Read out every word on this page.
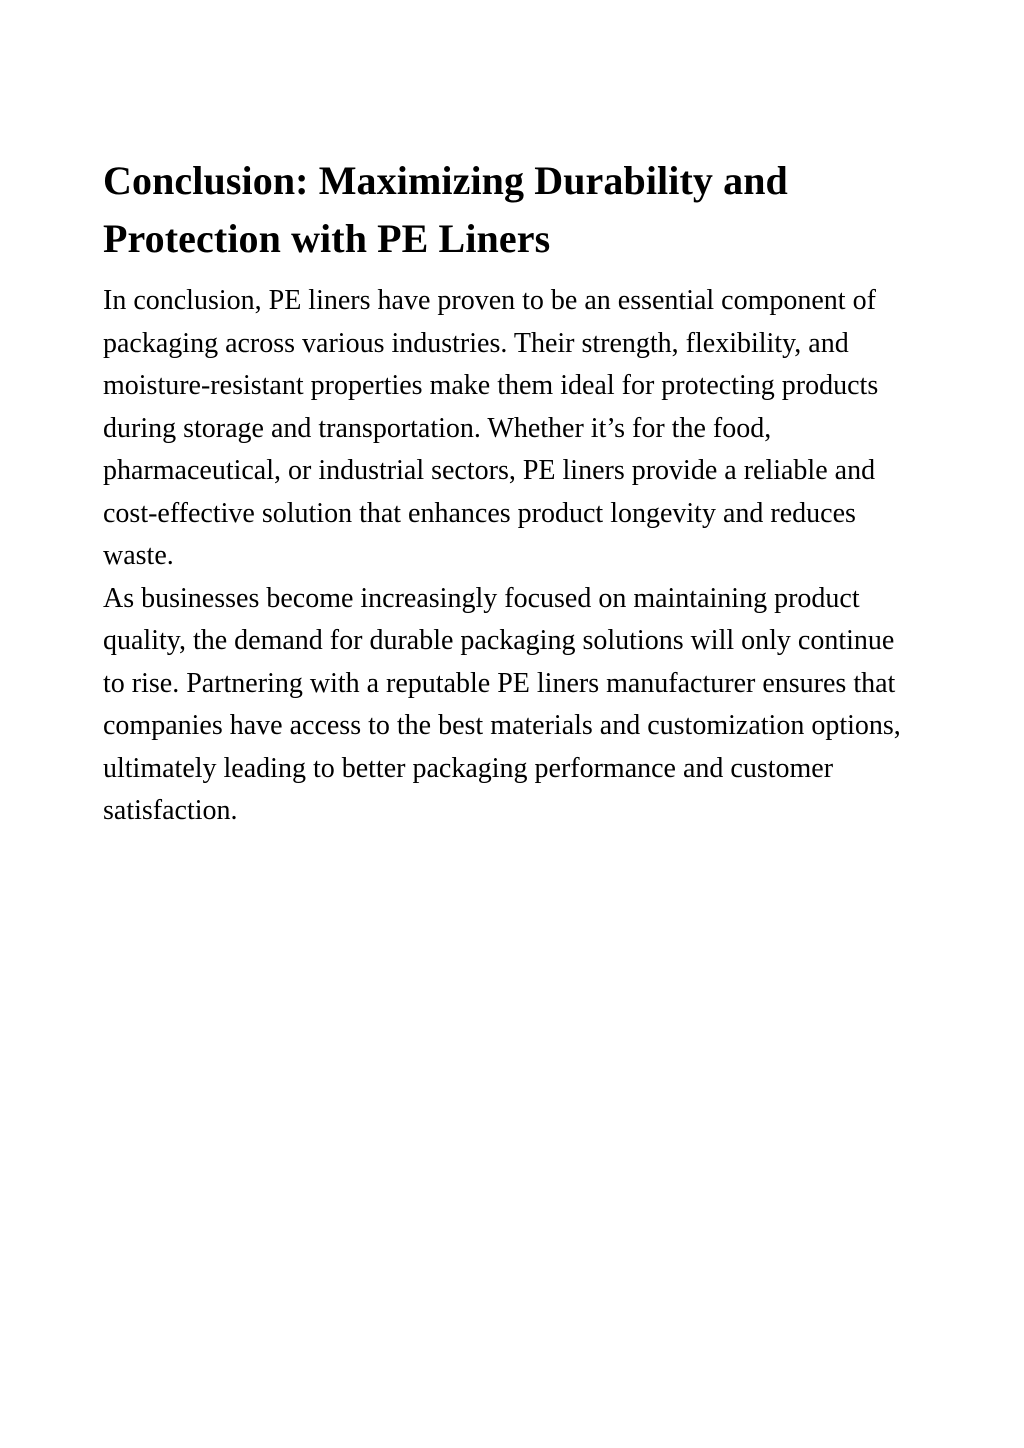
Conclusion: Maximizing Durability and Protection with PE Liners

In conclusion, PE liners have proven to be an essential component of packaging across various industries. Their strength, flexibility, and moisture-resistant properties make them ideal for protecting products during storage and transportation. Whether it’s for the food, pharmaceutical, or industrial sectors, PE liners provide a reliable and cost-effective solution that enhances product longevity and reduces waste.

As businesses become increasingly focused on maintaining product quality, the demand for durable packaging solutions will only continue to rise. Partnering with a reputable PE liners manufacturer ensures that companies have access to the best materials and customization options, ultimately leading to better packaging performance and customer satisfaction.
